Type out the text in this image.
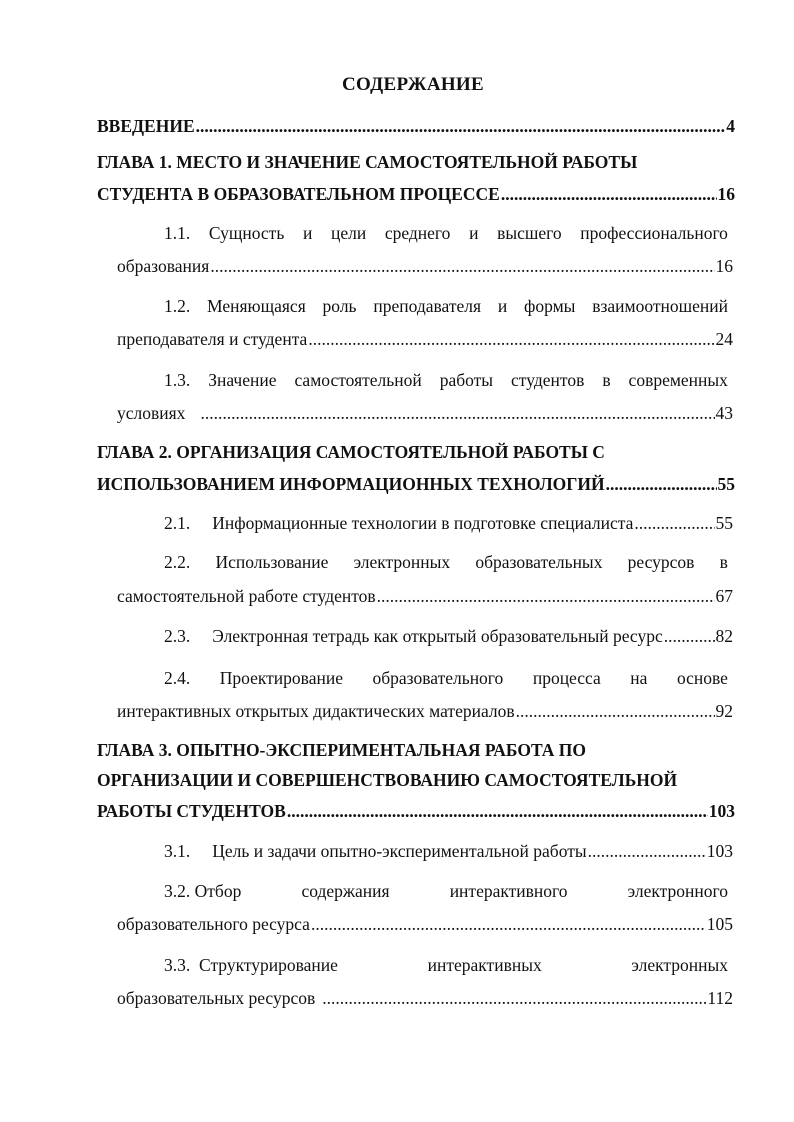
СОДЕРЖАНИЕ
ВВЕДЕНИЕ .....	4
ГЛАВА 1. МЕСТО И ЗНАЧЕНИЕ САМОСТОЯТЕЛЬНОЙ РАБОТЫ
СТУДЕНТА В ОБРАЗОВАТЕЛЬНОМ ПРОЦЕССЕ .....	16
1.1. Сущность и цели среднего и высшего профессионального
образования .....	16
1.2. Меняющаяся роль преподавателя и формы взаимоотношений
преподавателя и студента .....	24
1.3. Значение самостоятельной работы студентов в современных
условиях .....	43
ГЛАВА 2. ОРГАНИЗАЦИЯ САМОСТОЯТЕЛЬНОЙ РАБОТЫ С
ИСПОЛЬЗОВАНИЕМ ИНФОРМАЦИОННЫХ ТЕХНОЛОГИЙ .....	55
2.1. Информационные технологии в подготовке специалиста .....	55
2.2. Использование электронных образовательных ресурсов в
самостоятельной работе студентов .....	67
2.3. Электронная тетрадь как открытый образовательный ресурс .....	82
2.4. Проектирование образовательного процесса на основе
интерактивных открытых дидактических материалов .....	92
ГЛАВА 3. ОПЫТНО-ЭКСПЕРИМЕНТАЛЬНАЯ РАБОТА ПО
ОРГАНИЗАЦИИ И СОВЕРШЕНСТВОВАНИЮ САМОСТОЯТЕЛЬНОЙ
РАБОТЫ СТУДЕНТОВ .....	103
3.1. Цель и задачи опытно-экспериментальной работы .....	103
3.2. Отбор	содержания	интерактивного	электронного
образовательного ресурса .....	105
3.3. Структурирование	интерактивных	электронных
образовательных ресурсов .....	112
